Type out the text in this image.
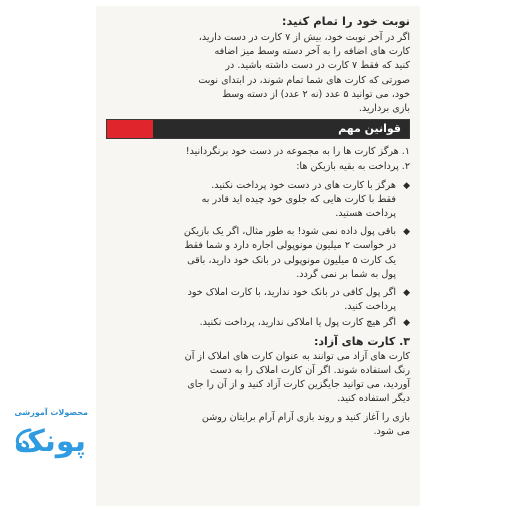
نوبت خود را تمام کنید:
اگر در آخر نوبت خود، بیش از ۷ کارت در دست دارید،
کارت های اضافه را به آخر دسته وسط میز اضافه
کنید که فقط ۷ کارت در دست داشته باشید. در
صورتی که کارت های شما تمام شوند، در ابتدای نوبت
خود، می توانید ۵ عدد (نه ۲ عدد) از دسته وسط
بازی بردارید.
قوانین مهم
۱. هرگز کارت ها را به مجموعه در دست خود برنگردانید!
۲. پرداخت به بقیه بازیکن ها:
◆
هرگز با کارت های در دست خود پرداخت نکنید.
فقط با کارت هایی که جلوی خود چیده اید قادر به
پرداخت هستید.
◆
باقی پول داده نمی شود! به طور مثال، اگر یک بازیکن
در خواست ۲ میلیون مونوپولی اجاره دارد و شما فقط
یک کارت ۵ میلیون مونوپولی در بانک خود دارید، باقی
پول به شما بر نمی گردد.
◆
اگر پول کافی در بانک خود ندارید، با کارت املاک خود
پرداخت کنید.
◆
اگر هیچ کارت پول یا املاکی ندارید، پرداخت نکنید.
۳. کارت های آزاد:
کارت های آزاد می توانند به عنوان کارت های املاک از آن
رنگ استفاده شوند. اگر آن کارت املاک را به دست
آوردید، می توانید جایگزین کارت آزاد کنید و از آن را جای
دیگر استفاده کنید.
بازی را آغاز کنید و روند بازی آرام آرام برایتان روشن
می شود.
محصولات آموزشی
پونک
